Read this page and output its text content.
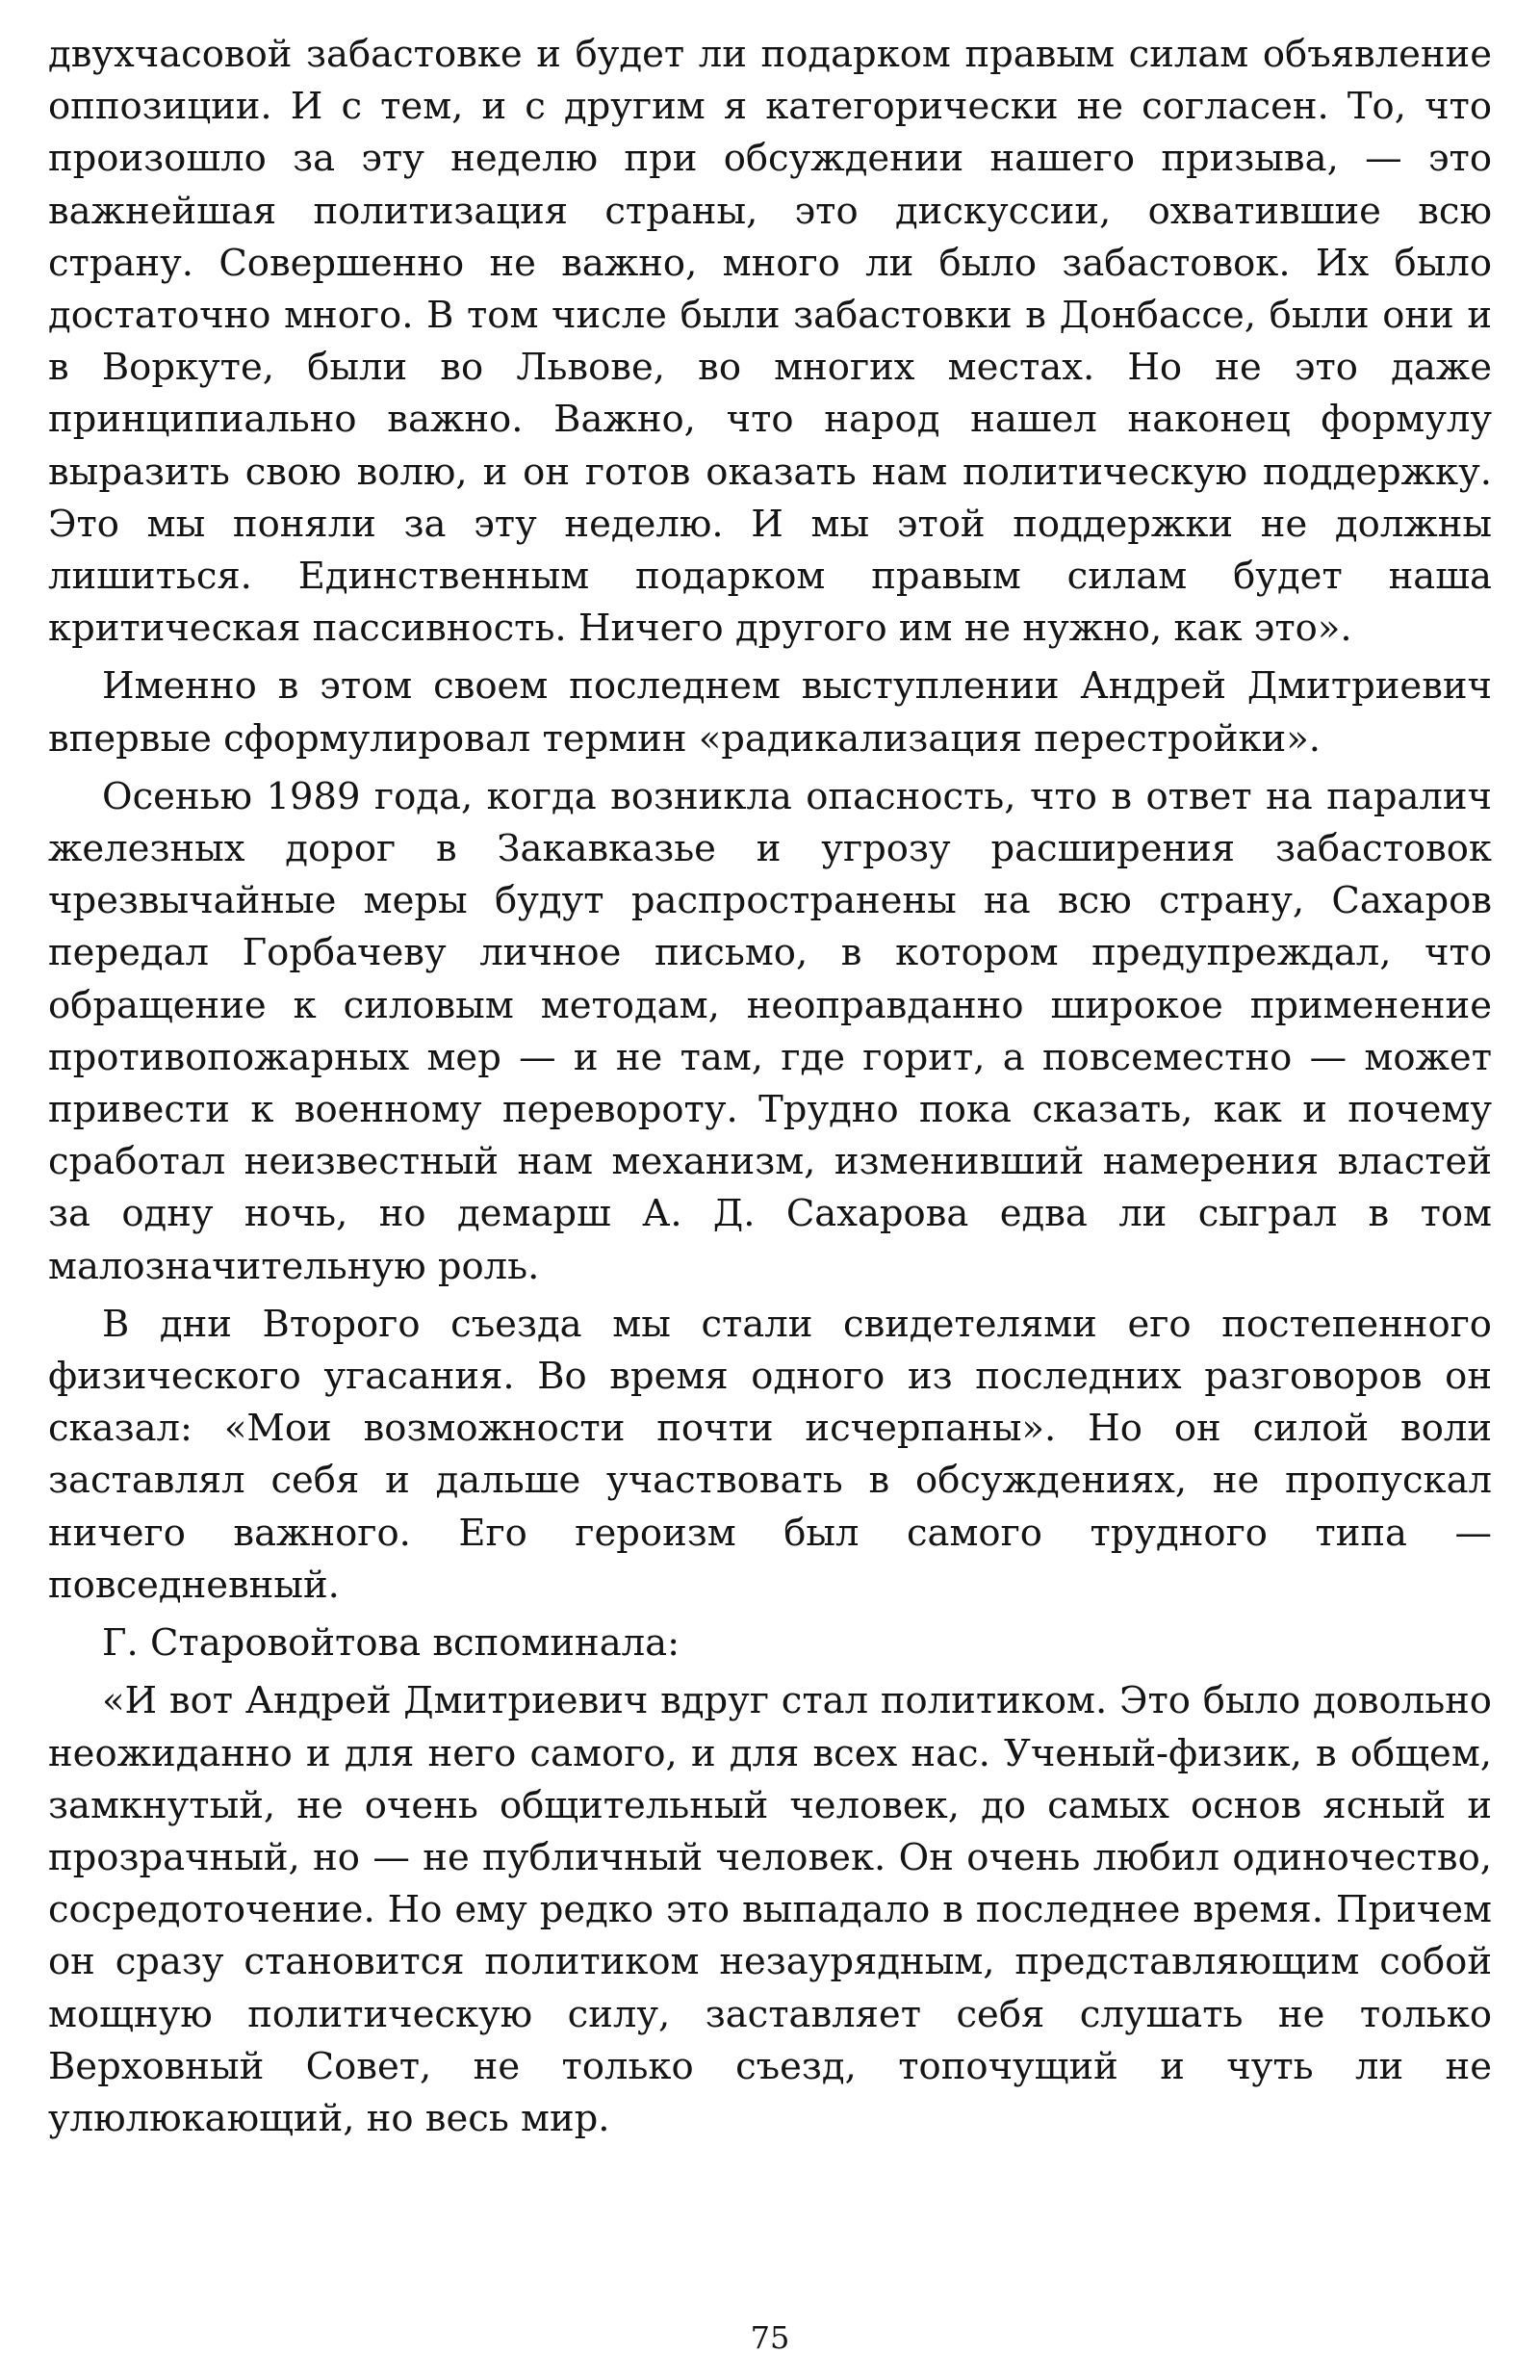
двухчасовой забастовке и будет ли подарком правым силам объявление оппозиции. И с тем, и с другим я категорически не согласен. То, что произошло за эту неделю при обсуждении нашего призыва, — это важнейшая политизация страны, это дискуссии, охватившие всю страну. Совершенно не важно, много ли было забастовок. Их было достаточно много. В том числе были забастовки в Донбассе, были они и в Воркуте, были во Львове, во многих местах. Но не это даже принципиально важно. Важно, что народ нашел наконец формулу выразить свою волю, и он готов оказать нам политическую поддержку. Это мы поняли за эту неделю. И мы этой поддержки не должны лишиться. Единственным подарком правым силам будет наша критическая пассивность. Ничего другого им не нужно, как это».

Именно в этом своем последнем выступлении Андрей Дмитриевич впервые сформулировал термин «радикализация перестройки».

Осенью 1989 года, когда возникла опасность, что в ответ на паралич железных дорог в Закавказье и угрозу расширения забастовок чрезвычайные меры будут распространены на всю страну, Сахаров передал Горбачеву личное письмо, в котором предупреждал, что обращение к силовым методам, неоправданно широкое применение противопожарных мер — и не там, где горит, а повсеместно — может привести к военному перевороту. Трудно пока сказать, как и почему сработал неизвестный нам механизм, изменивший намерения властей за одну ночь, но демарш А. Д. Сахарова едва ли сыграл в том малозначительную роль.

В дни Второго съезда мы стали свидетелями его постепенного физического угасания. Во время одного из последних разговоров он сказал: «Мои возможности почти исчерпаны». Но он силой воли заставлял себя и дальше участвовать в обсуждениях, не пропускал ничего важного. Его героизм был самого трудного типа — повседневный.

Г. Старовойтова вспоминала:

«И вот Андрей Дмитриевич вдруг стал политиком. Это было довольно неожиданно и для него самого, и для всех нас. Ученый-физик, в общем, замкнутый, не очень общительный человек, до самых основ ясный и прозрачный, но — не публичный человек. Он очень любил одиночество, сосредоточение. Но ему редко это выпадало в последнее время. Причем он сразу становится политиком незаурядным, представляющим собой мощную политическую силу, заставляет себя слушать не только Верховный Совет, не только съезд, топочущий и чуть ли не улюлюкающий, но весь мир.

75
